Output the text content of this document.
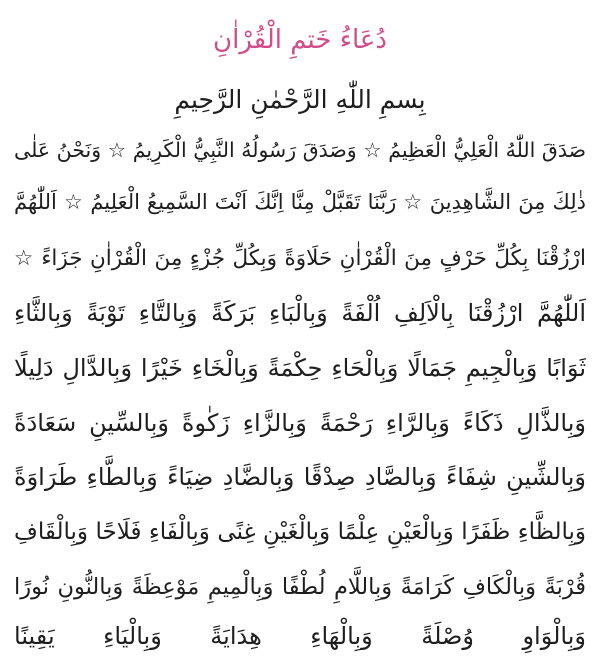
دُعَاءُ خَتمِ الْقُرْاٰنِ
بِسمِ اللّٰهِ الرَّحْمٰنِ الرَّحِيمِ
صَدَقَ اللّٰهُ الْعَلِيُّ الْعَظِيمُ ☆ وَصَدَقَ رَسُولُهُ النَّبِيُّ الْكَرِيمُ ☆ وَنَحْنُ عَلٰى
ذٰلِكَ مِنَ الشَّاهِدِينَ ☆ رَبَّنَا تَقَبَّلْ مِنَّا اِنَّكَ اَنْتَ السَّمِيعُ الْعَلِيمُ ☆ اَللّٰهُمَّ
ارْزُقْنَا بِكُلِّ حَرْفٍ مِنَ الْقُرْاٰنِ حَلَاوَةً وَبِكُلِّ جُزْءٍ مِنَ الْقُرْاٰنِ جَزَاءً ☆
اَللّٰهُمَّ ارْزُقْنَا بِالْاَلِفِ اُلْفَةً وَبِالْبَاءِ بَرَكَةً وَبِالتَّاءِ تَوْبَةً وَبِالثَّاءِ
ثَوَابًا وَبِالْجِيمِ جَمَالًا وَبِالْحَاءِ حِكْمَةً وَبِالْخَاءِ خَيْرًا وَبِالدَّالِ دَلِيلًا
وَبِالذَّالِ ذَكَاءً وَبِالرَّاءِ رَحْمَةً وَبِالزَّاءِ زَكٰوةً وَبِالسِّينِ سَعَادَةً
وَبِالشِّينِ شِفَاءً وَبِالصَّادِ صِدْقًا وَبِالضَّادِ ضِيَاءً وَبِالطَّاءِ طَرَاوَةً
وَبِالظَّاءِ ظَفَرًا وَبِالْعَيْنِ عِلْمًا وَبِالْغَيْنِ غِنًى وَبِالْفَاءِ فَلَاحًا وَبِالْقَافِ
قُرْبَةً وَبِالْكَافِ كَرَامَةً وَبِاللَّامِ لُطْفًا وَبِالْمِيمِ مَوْعِظَةً وَبِالنُّونِ نُورًا
وَبِالْوَاوِ وُصْلَةً وَبِالْهَاءِ هِدَايَةً وَبِالْيَاءِ يَقِينًا
